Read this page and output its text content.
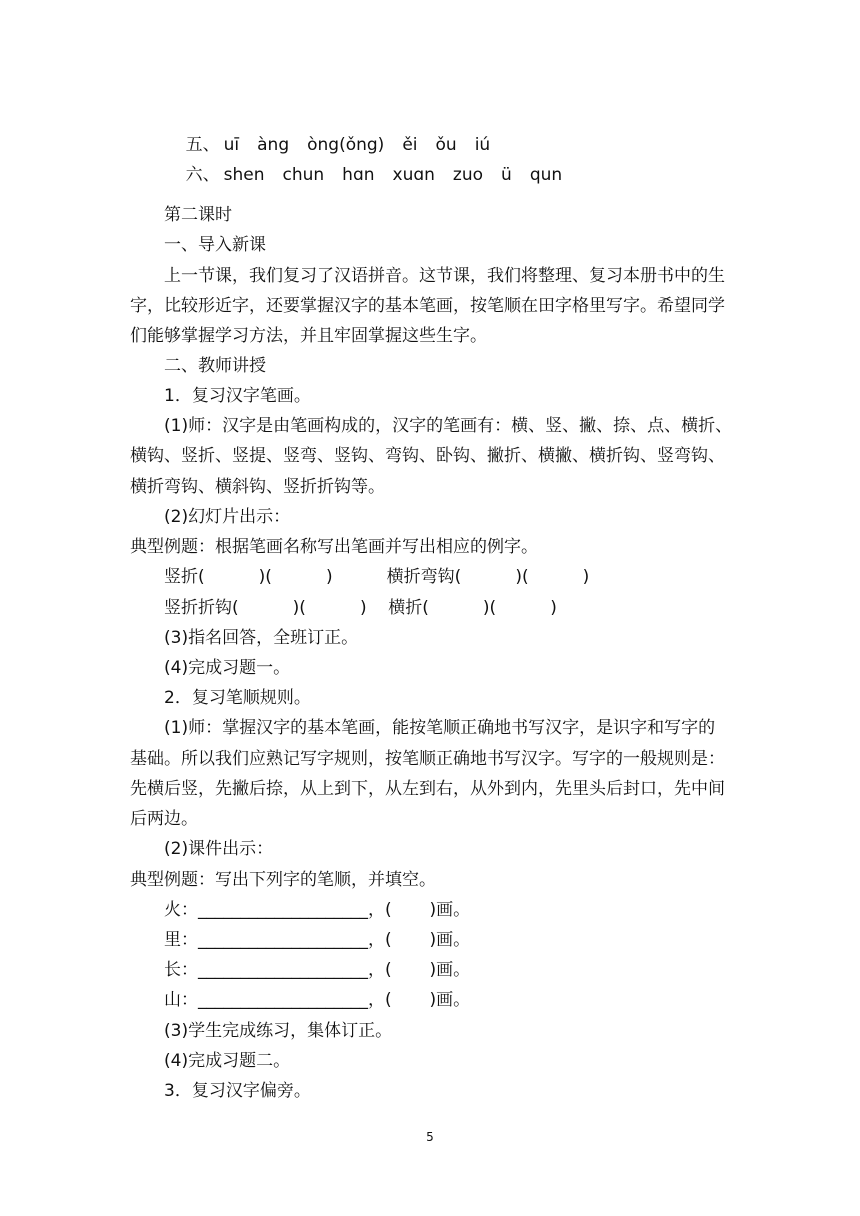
五、 uī àng òng(ǒng) ěi ǒu iú

六、 shen chun hɑn xuɑn zuo ü qun

第二课时
一、导入新课
上一节课，我们复习了汉语拼音。这节课，我们将整理、复习本册书中的生
字，比较形近字，还要掌握汉字的基本笔画，按笔顺在田字格里写字。希望同学
们能够掌握学习方法，并且牢固掌握这些生字。
二、教师讲授
1．复习汉字笔画。
(1)师：汉字是由笔画构成的，汉字的笔画有：横、竖、撇、捺、点、横折、
横钩、竖折、竖提、竖弯、竖钩、弯钩、卧钩、撇折、横撇、横折钩、竖弯钩、
横折弯钩、横斜钩、竖折折钩等。
(2)幻灯片出示：
典型例题：根据笔画名称写出笔画并写出相应的例字。
竖折(          )(          )          横折弯钩(          )(          )
竖折折钩(          )(          )    横折(          )(          )
(3)指名回答，全班订正。
(4)完成习题一。
2．复习笔顺规则。
(1)师：掌握汉字的基本笔画，能按笔顺正确地书写汉字，是识字和写字的
基础。所以我们应熟记写字规则，按笔顺正确地书写汉字。写字的一般规则是：
先横后竖，先撇后捺，从上到下，从左到右，从外到内，先里头后封口，先中间
后两边。
(2)课件出示：
典型例题：写出下列字的笔顺，并填空。
火：____________________，(       )画。
里：____________________，(       )画。
长：____________________，(       )画。
山：____________________，(       )画。
(3)学生完成练习，集体订正。
(4)完成习题二。
3．复习汉字偏旁。
5
